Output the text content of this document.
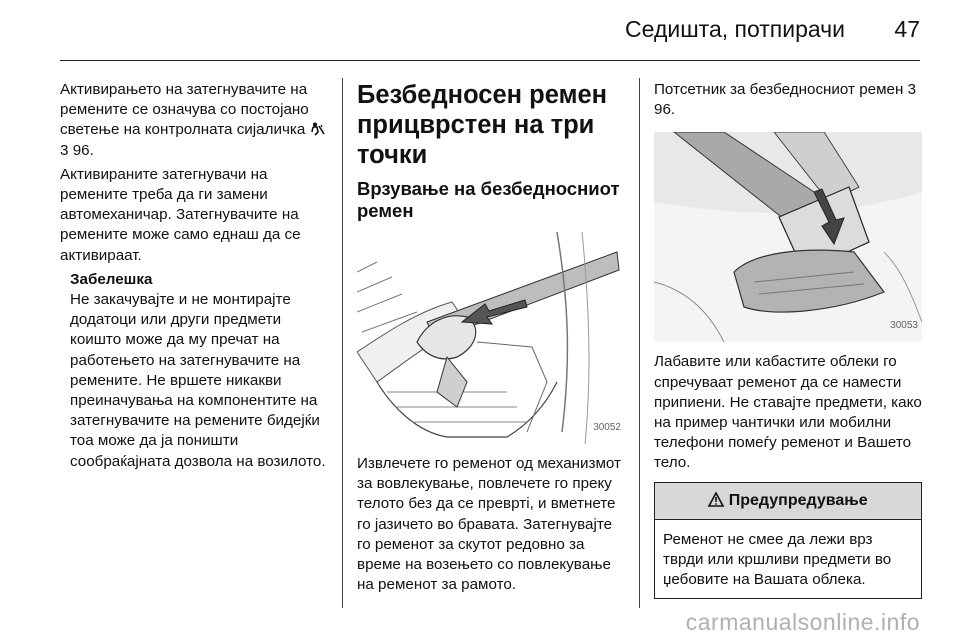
Седишта, потпирачи 47

Активирањето на затегнувачите на ремените се означува со постојано светење на контролната сијаличка  3 96.

Активираните затегнувачи на ремените треба да ги замени автомеханичар. Затегнувачите на ремените може само еднаш да се активираат.

Забелешка
Не закачувајте и не монтирајте додатоци или други предмети коишто може да му пречат на работењето на затегнувачите на ремените. Не вршете никакви преиначувања на компонентите на затегнувачите на ремените бидејќи тоа може да ја поништи сообраќајната дозвола на возилото.
Безбедносен ремен прицврстен на три точки
Врзување на безбедносниот ремен
30052

Извлечете го ременот од механизмот за вовлекување, повлечете го преку телото без да се превртi, и вметнете го јазичето во бравата. Затегнувајте го ременот за скутот редовно за време на возењето со повлекување на ременот за рамото.

Потсетник за безбедносниот ремен 3 96.

30053

Лабавите или кабастите облеки го спречуваат ременот да се намести припиени. Не ставајте предмети, како на пример чантички или мобилни телефони помеѓу ременот и Вашето тело.

Предупредување
Ременот не смее да лежи врз тврди или кршливи предмети во џебовите на Вашата облека.
carmanualsonline.info
